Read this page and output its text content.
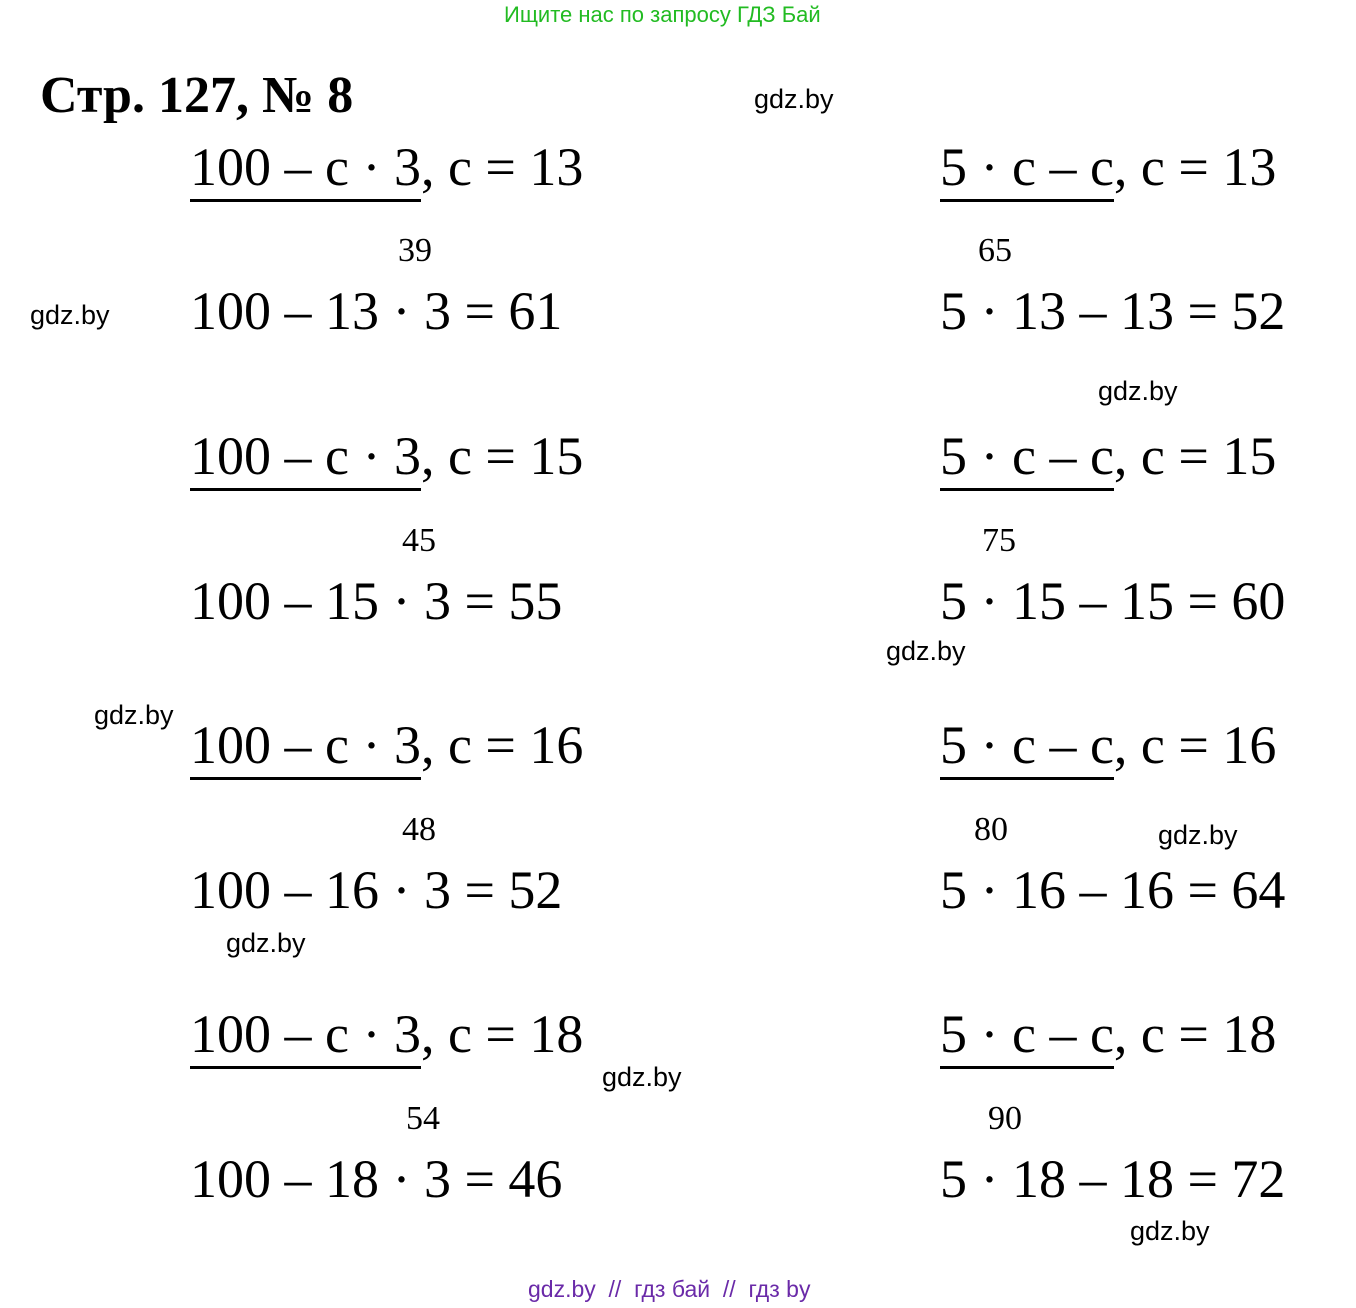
Ищите нас по запросу ГДЗ Бай
Стр. 127, № 8	gdz.by
gdz.by
gdz.by
gdz.by
gdz.by
gdz.by
gdz.by
gdz.by
gdz.by
100 – c · 3, c = 13
39
100 – 13 · 3 = 61
100 – c · 3, c = 15
45
100 – 15 · 3 = 55
100 – c · 3, c = 16
48
100 – 16 · 3 = 52
100 – c · 3, c = 18
54
100 – 18 · 3 = 46
5 · c – c, c = 13
65
5 · 13 – 13 = 52
5 · c – c, c = 15
75
5 · 15 – 15 = 60
5 · c – c, c = 16
80
5 · 16 – 16 = 64
5 · c – c, c = 18
90
5 · 18 – 18 = 72
gdz.by  //  гдз бай  //  гдз by
